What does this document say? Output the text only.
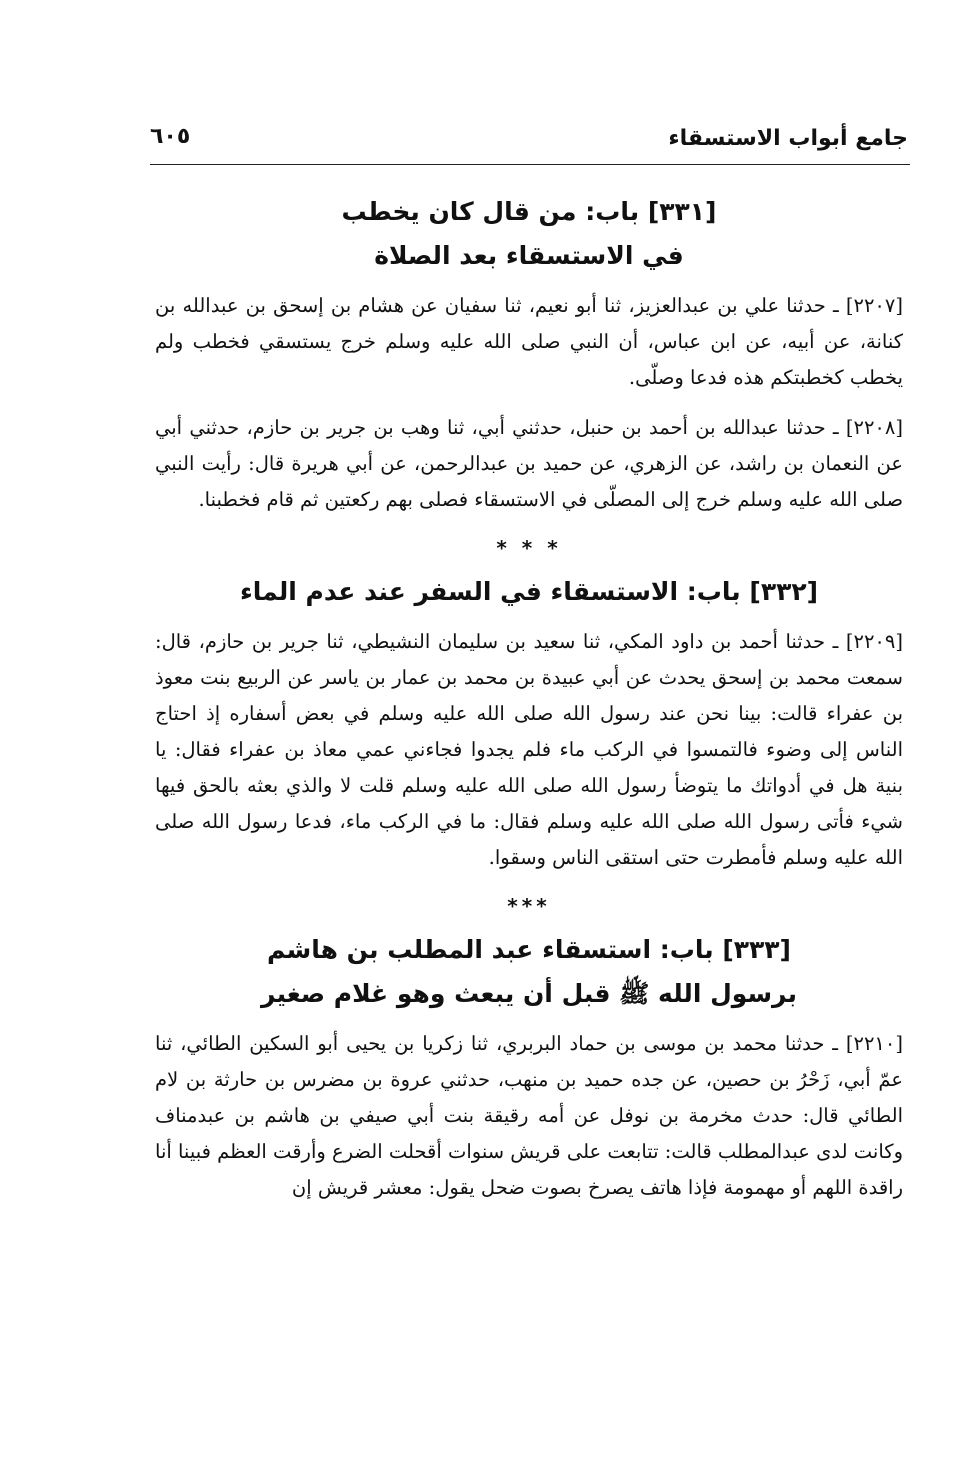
جامع أبواب الاستسقاء
٦٠٥

[٣٣١] باب: من قال كان يخطب

في الاستسقاء بعد الصلاة

[٢٢٠٧] ـ حدثنا علي بن عبدالعزيز، ثنا أبو نعيم، ثنا سفيان عن هشام بن إسحق بن عبدالله بن كنانة، عن أبيه، عن ابن عباس، أن النبي صلى الله عليه وسلم خرج يستسقي فخطب ولم يخطب كخطبتكم هذه فدعا وصلّى.

[٢٢٠٨] ـ حدثنا عبدالله بن أحمد بن حنبل، حدثني أبي، ثنا وهب بن جرير بن حازم، حدثني أبي عن النعمان بن راشد، عن الزهري، عن حميد بن عبدالرحمن، عن أبي هريرة قال: رأيت النبي صلى الله عليه وسلم خرج إلى المصلّى في الاستسقاء فصلى بهم ركعتين ثم قام فخطبنا.

* * *

[٣٣٢] باب: الاستسقاء في السفر عند عدم الماء

[٢٢٠٩] ـ حدثنا أحمد بن داود المكي، ثنا سعيد بن سليمان النشيطي، ثنا جرير بن حازم، قال: سمعت محمد بن إسحق يحدث عن أبي عبيدة بن محمد بن عمار بن ياسر عن الربيع بنت معوذ بن عفراء قالت: بينا نحن عند رسول الله صلى الله عليه وسلم في بعض أسفاره إذ احتاج الناس إلى وضوء فالتمسوا في الركب ماء فلم يجدوا فجاءني عمي معاذ بن عفراء فقال: يا بنية هل في أدواتك ما يتوضأ رسول الله صلى الله عليه وسلم قلت لا والذي بعثه بالحق فيها شيء فأتى رسول الله صلى الله عليه وسلم فقال: ما في الركب ماء، فدعا رسول الله صلى الله عليه وسلم فأمطرت حتى استقى الناس وسقوا.

***

[٣٣٣] باب: استسقاء عبد المطلب بن هاشم

برسول الله ﷺ قبل أن يبعث وهو غلام صغير

[٢٢١٠] ـ حدثنا محمد بن موسى بن حماد البربري، ثنا زكريا بن يحيى أبو السكين الطائي، ثنا عمّ أبي، زَحْرُ بن حصين، عن جده حميد بن منهب، حدثني عروة بن مضرس بن حارثة بن لام الطائي قال: حدث مخرمة بن نوفل عن أمه رقيقة بنت أبي صيفي بن هاشم بن عبدمناف وكانت لدى عبدالمطلب قالت: تتابعت على قريش سنوات أقحلت الضرع وأرقت العظم فبينا أنا راقدة اللهم أو مهمومة فإذا هاتف يصرخ بصوت ضحل يقول: معشر قريش إن
